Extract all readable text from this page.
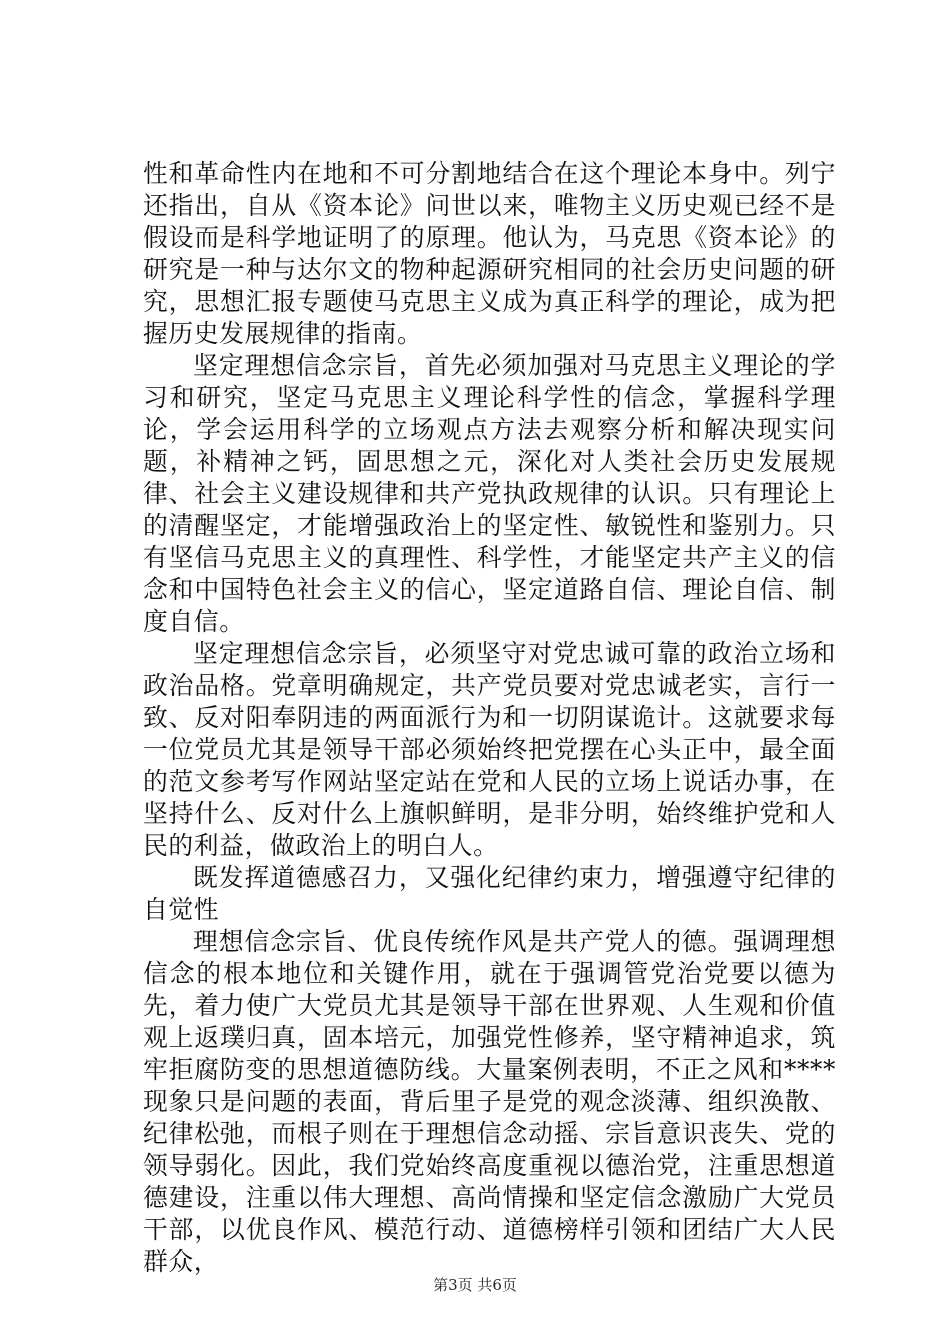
性和革命性内在地和不可分割地结合在这个理论本身中。列宁还指出，自从《资本论》问世以来，唯物主义历史观已经不是假设而是科学地证明了的原理。他认为，马克思《资本论》的研究是一种与达尔文的物种起源研究相同的社会历史问题的研究，思想汇报专题使马克思主义成为真正科学的理论，成为把握历史发展规律的指南。

坚定理想信念宗旨，首先必须加强对马克思主义理论的学习和研究，坚定马克思主义理论科学性的信念，掌握科学理论，学会运用科学的立场观点方法去观察分析和解决现实问题，补精神之钙，固思想之元，深化对人类社会历史发展规律、社会主义建设规律和共产党执政规律的认识。只有理论上的清醒坚定，才能增强政治上的坚定性、敏锐性和鉴别力。只有坚信马克思主义的真理性、科学性，才能坚定共产主义的信念和中国特色社会主义的信心，坚定道路自信、理论自信、制度自信。

坚定理想信念宗旨，必须坚守对党忠诚可靠的政治立场和政治品格。党章明确规定，共产党员要对党忠诚老实，言行一致、反对阳奉阴违的两面派行为和一切阴谋诡计。这就要求每一位党员尤其是领导干部必须始终把党摆在心头正中，最全面的范文参考写作网站坚定站在党和人民的立场上说话办事，在坚持什么、反对什么上旗帜鲜明，是非分明，始终维护党和人民的利益，做政治上的明白人。

既发挥道德感召力，又强化纪律约束力，增强遵守纪律的自觉性

理想信念宗旨、优良传统作风是共产党人的德。强调理想信念的根本地位和关键作用，就在于强调管党治党要以德为先，着力使广大党员尤其是领导干部在世界观、人生观和价值观上返璞归真，固本培元，加强党性修养，坚守精神追求，筑牢拒腐防变的思想道德防线。大量案例表明，不正之风和****现象只是问题的表面，背后里子是党的观念淡薄、组织涣散、纪律松弛，而根子则在于理想信念动摇、宗旨意识丧失、党的领导弱化。因此，我们党始终高度重视以德治党，注重思想道德建设，注重以伟大理想、高尚情操和坚定信念激励广大党员干部，以优良作风、模范行动、道德榜样引领和团结广大人民群众，

第3页 共6页
